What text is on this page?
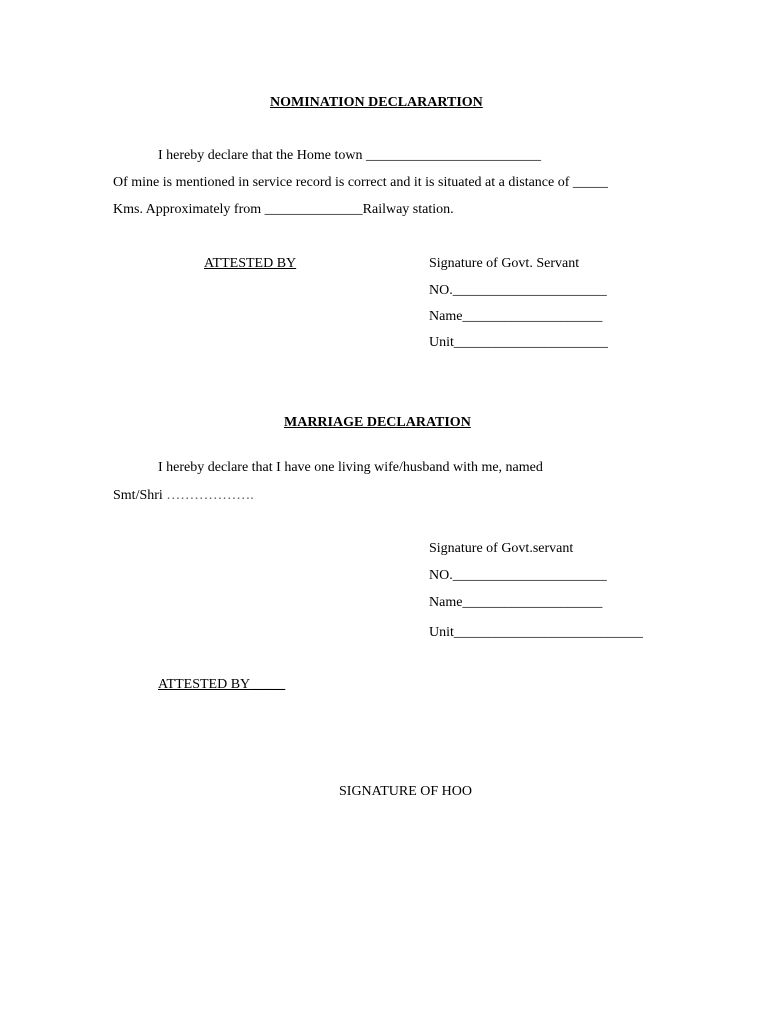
NOMINATION DECLARARTION
I hereby declare that the Home town _________________________
Of mine is mentioned in service record is correct and it is situated at a distance of _____
Kms. Approximately from ______________Railway station.
ATTESTED BY	Signature of Govt. Servant
NO.______________________
Name____________________
Unit______________________
MARRIAGE DECLARATION
I hereby declare that I have one living wife/husband with me, named
Smt/Shri ……………….
Signature of Govt.servant
NO.______________________
Name____________________
Unit___________________________
ATTESTED BY_____
SIGNATURE OF HOO
